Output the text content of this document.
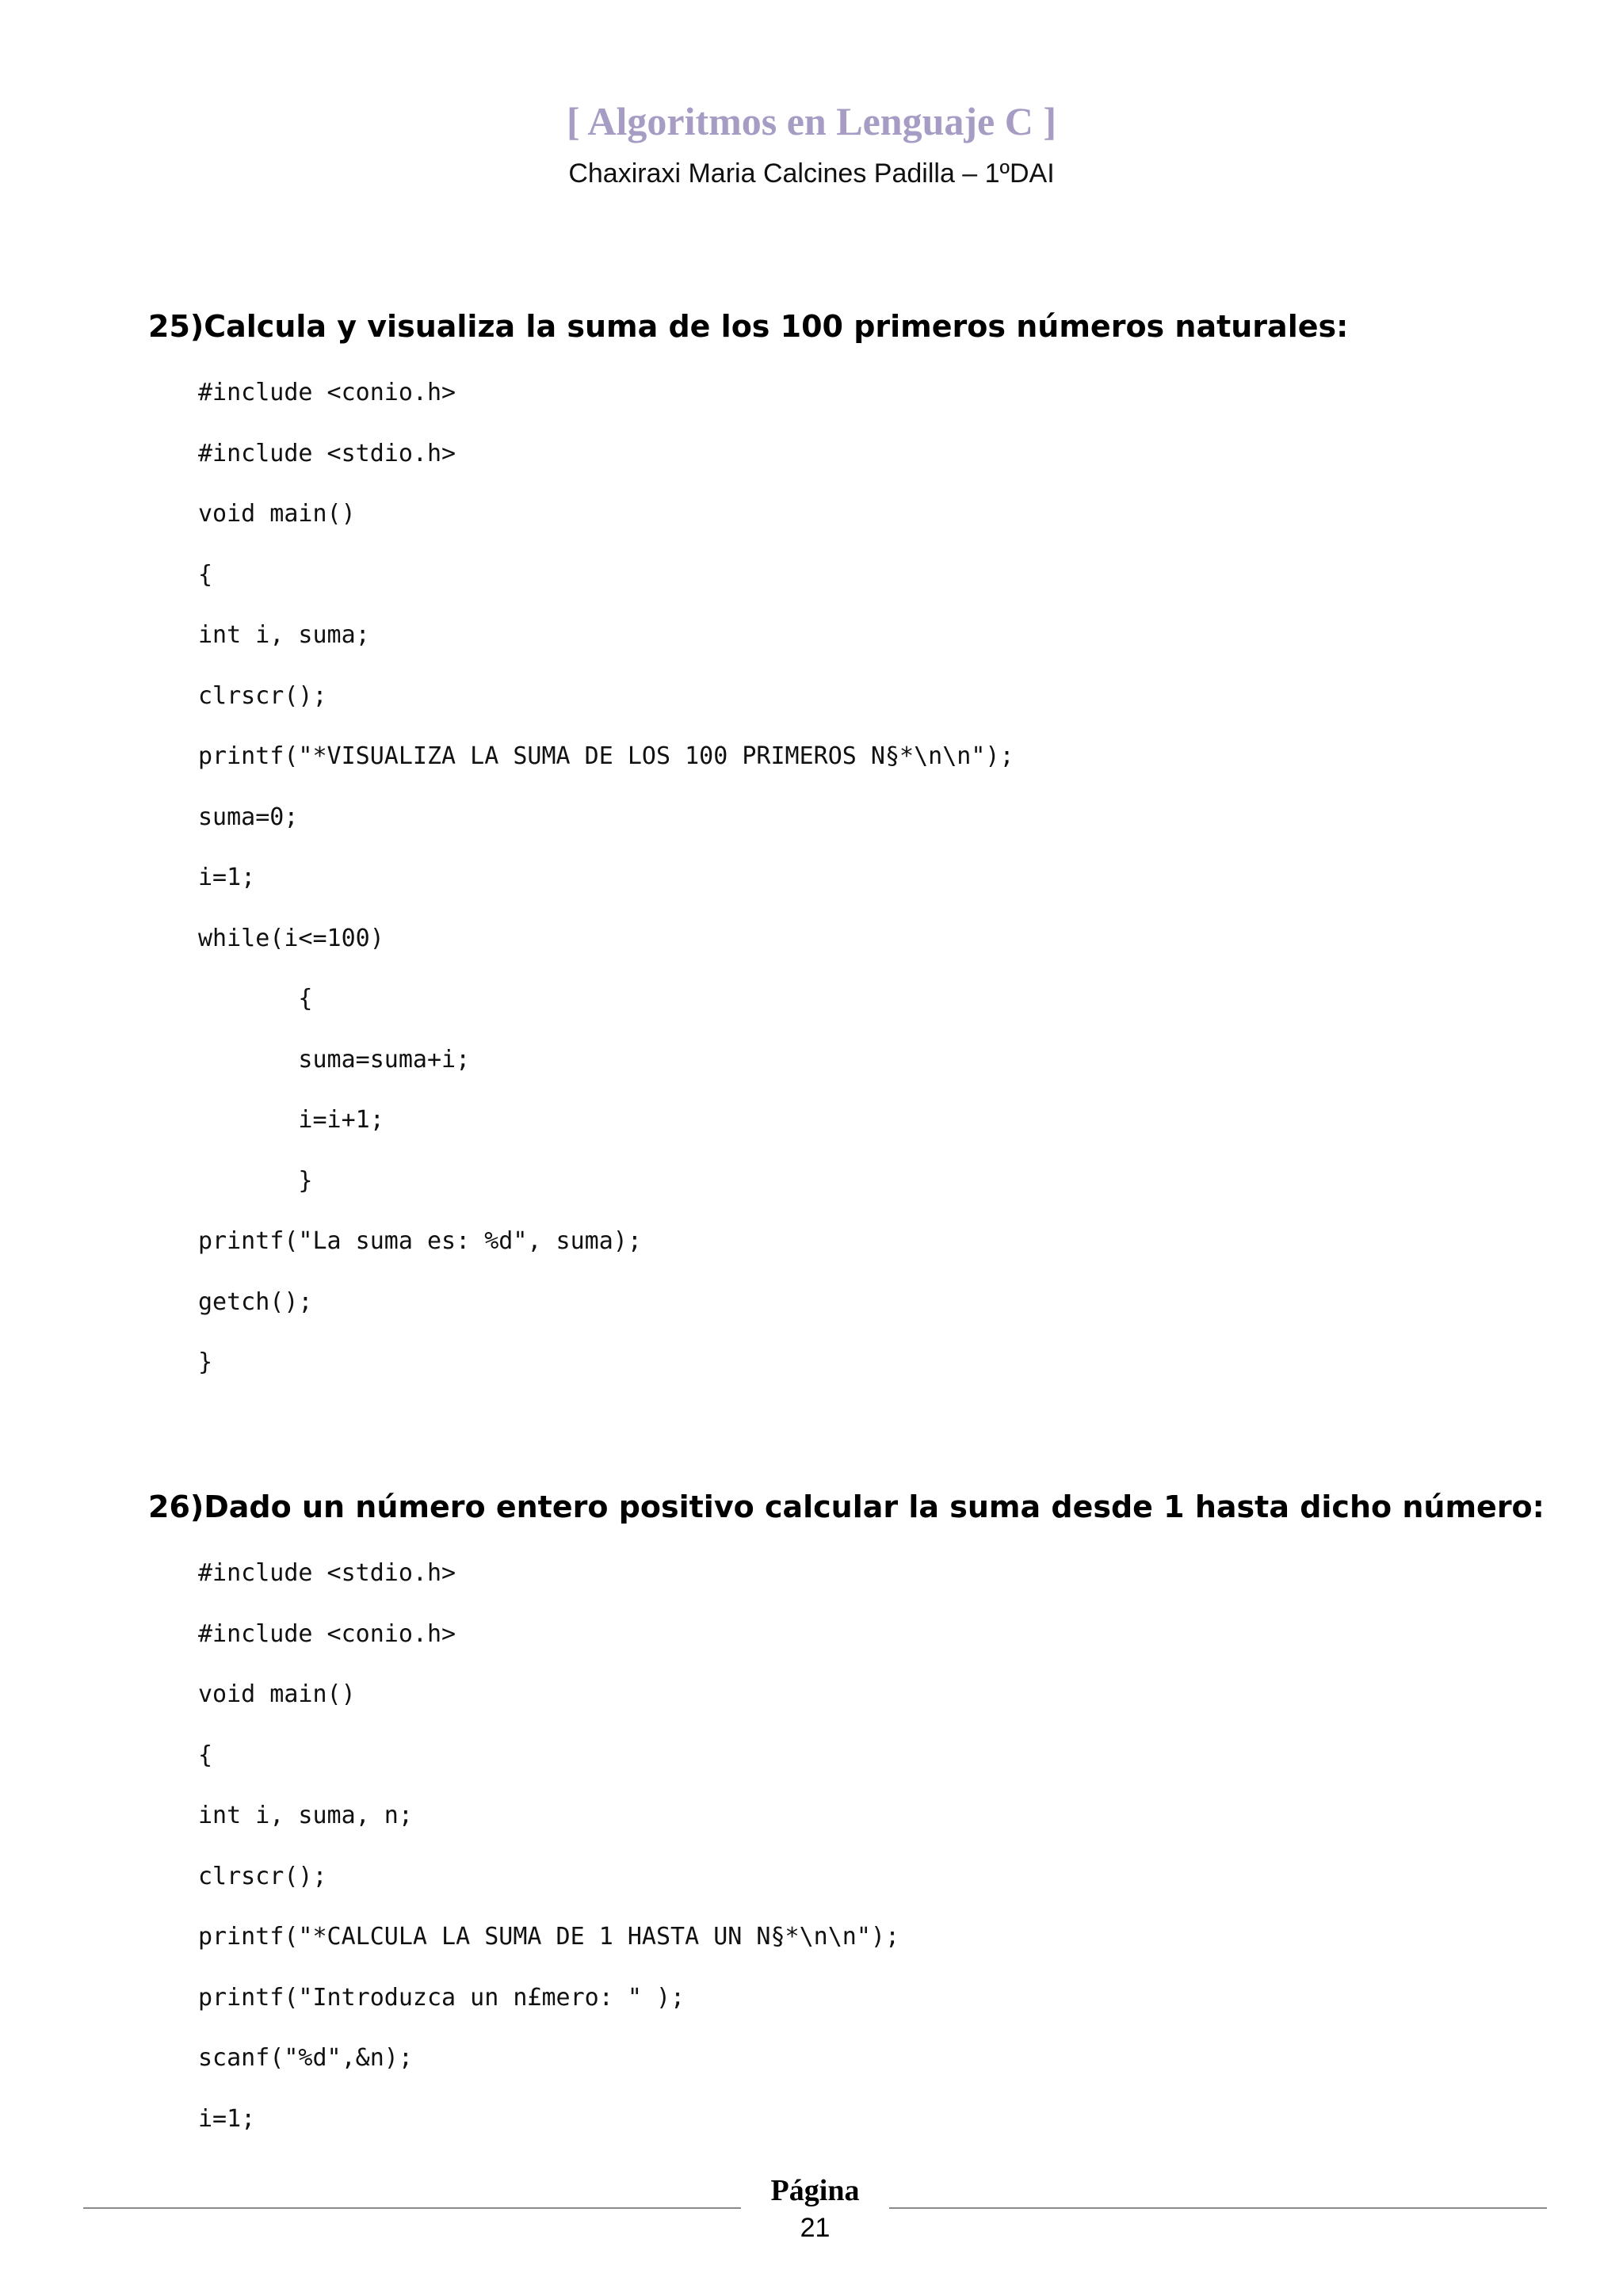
[ Algoritmos en Lenguaje C ]
Chaxiraxi Maria Calcines Padilla – 1ºDAI
25)Calcula y visualiza la suma de los 100 primeros números naturales:
#include <conio.h>
#include <stdio.h>
void main()
{
int i, suma;
clrscr();
printf("*VISUALIZA LA SUMA DE LOS 100 PRIMEROS N§*\n\n");
suma=0;
i=1;
while(i<=100)
{
suma=suma+i;
i=i+1;
}
printf("La suma es: %d", suma);
getch();
}
26)Dado un número entero positivo calcular la suma desde 1 hasta dicho número:
#include <stdio.h>
#include <conio.h>
void main()
{
int i, suma, n;
clrscr();
printf("*CALCULA LA SUMA DE 1 HASTA UN N§*\n\n");
printf("Introduzca un n£mero: " );
scanf("%d",&n);
i=1;
Página
21
